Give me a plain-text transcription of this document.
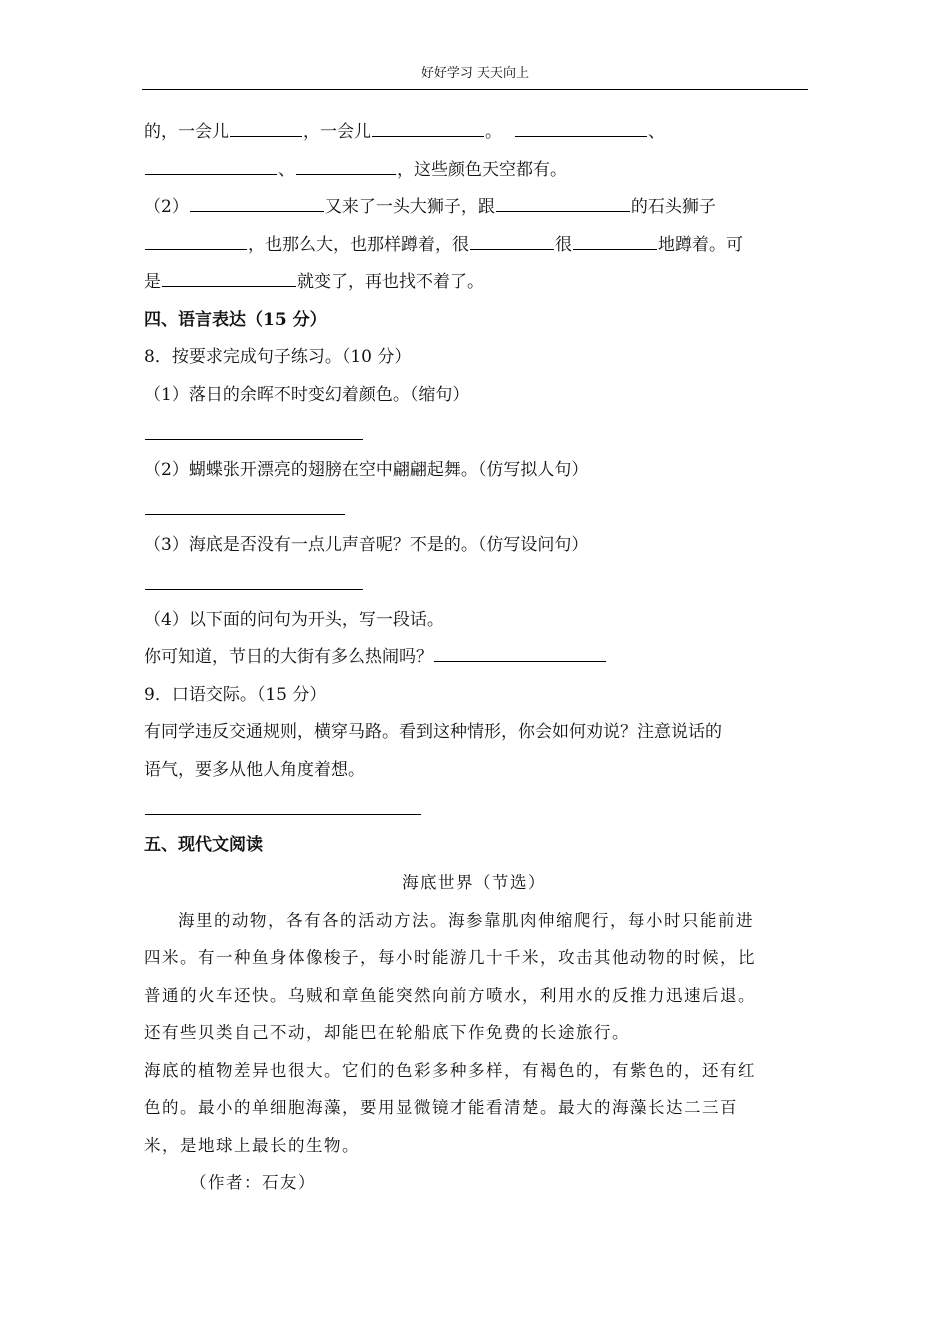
好好学习 天天向上
的，一会儿	，一会儿	。	、
、	，这些颜色天空都有。
（2）	又来了一头大狮子，跟	的石头狮子
，也那么大，也那样蹲着，很	很	地蹲着。可
是	就变了，再也找不着了。
四、语言表达（15 分）
8．按要求完成句子练习。（10 分）
（1）落日的余晖不时变幻着颜色。（缩句）
（2）蝴蝶张开漂亮的翅膀在空中翩翩起舞。（仿写拟人句）
（3）海底是否没有一点儿声音呢？不是的。（仿写设问句）
（4）以下面的问句为开头，写一段话。
你可知道，节日的大街有多么热闹吗？
9．口语交际。（15 分）
有同学违反交通规则，横穿马路。看到这种情形，你会如何劝说？注意说话的
语气，要多从他人角度着想。
五、现代文阅读
海底世界（节选）
海里的动物，各有各的活动方法。海参靠肌肉伸缩爬行，每小时只能前进
四米。有一种鱼身体像梭子，每小时能游几十千米，攻击其他动物的时候，比
普通的火车还快。乌贼和章鱼能突然向前方喷水，利用水的反推力迅速后退。
还有些贝类自己不动，却能巴在轮船底下作免费的长途旅行。
海底的植物差异也很大。它们的色彩多种多样，有褐色的，有紫色的，还有红
色的。最小的单细胞海藻，要用显微镜才能看清楚。最大的海藻长达二三百
米，是地球上最长的生物。
（作者：石友）
